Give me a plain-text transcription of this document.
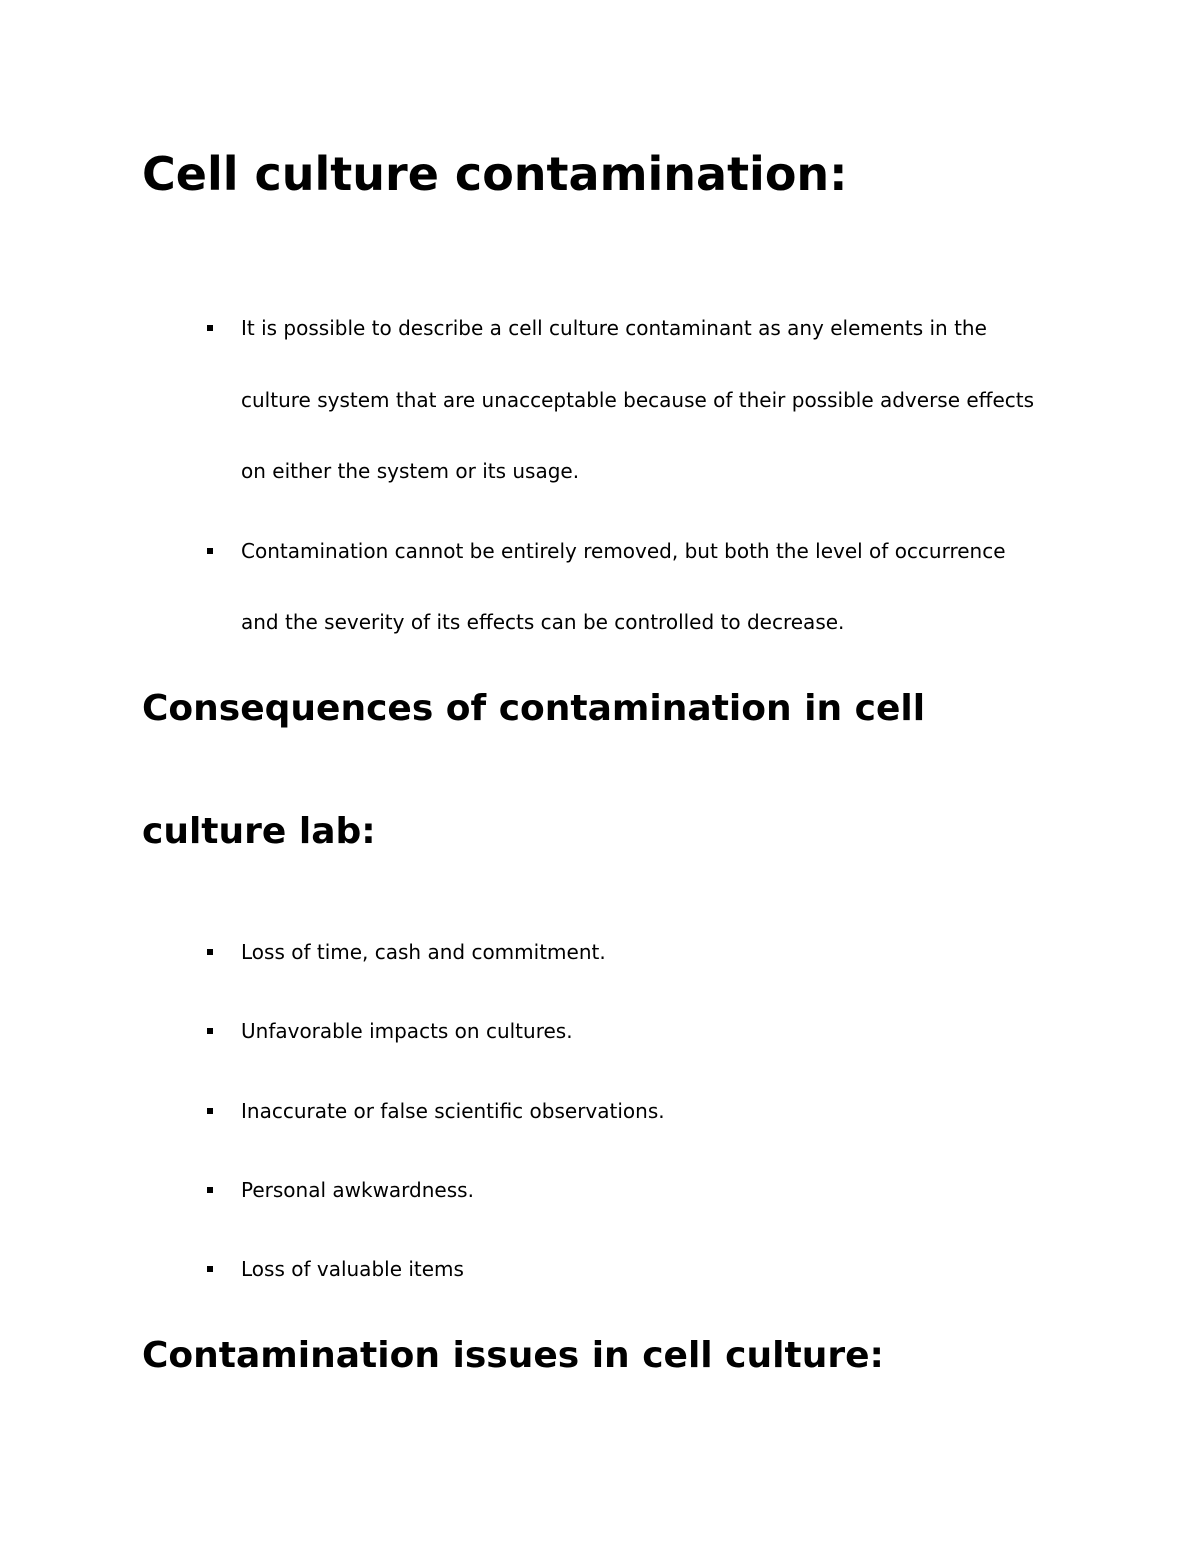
Cell culture contamination:

It is possible to describe a cell culture contaminant as any elements in the

culture system that are unacceptable because of their possible adverse effects

on either the system or its usage.

Contamination cannot be entirely removed, but both the level of occurrence

and the severity of its effects can be controlled to decrease.

Consequences of contamination in cell
culture lab:

Loss of time, cash and commitment.

Unfavorable impacts on cultures.

Inaccurate or false scientific observations.

Personal awkwardness.

Loss of valuable items

Contamination issues in cell culture:
